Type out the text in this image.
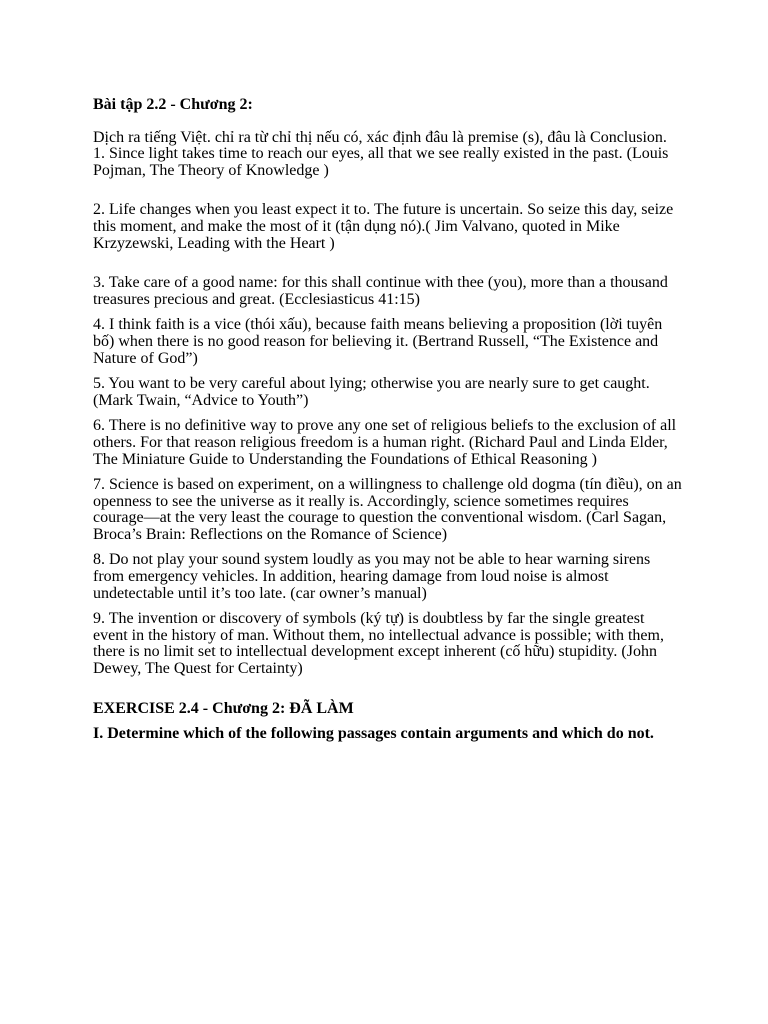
Bài tập 2.2 - Chương 2:

Dịch ra tiếng Việt. chỉ ra từ chỉ thị nếu có, xác định đâu là premise (s), đâu là Conclusion.

1. Since light takes time to reach our eyes, all that we see really existed in the past. (Louis Pojman, The Theory of Knowledge )

2. Life changes when you least expect it to. The future is uncertain. So seize this day, seize this moment, and make the most of it (tận dụng nó).( Jim Valvano, quoted in Mike Krzyzewski, Leading with the Heart )

3. Take care of a good name: for this shall continue with thee (you), more than a thousand treasures precious and great. (Ecclesiasticus 41:15)

4. I think faith is a vice (thói xấu), because faith means believing a proposition (lời tuyên bố) when there is no good reason for believing it. (Bertrand Russell, “The Existence and Nature of God”)

5. You want to be very careful about lying; otherwise you are nearly sure to get caught. (Mark Twain, “Advice to Youth”)

6. There is no definitive way to prove any one set of religious beliefs to the exclusion of all others. For that reason religious freedom is a human right. (Richard Paul and Linda Elder, The Miniature Guide to Understanding the Foundations of Ethical Reasoning )

7. Science is based on experiment, on a willingness to challenge old dogma (tín điều), on an openness to see the universe as it really is. Accordingly, science sometimes requires courage—at the very least the courage to question the conventional wisdom. (Carl Sagan, Broca’s Brain: Reflections on the Romance of Science)

8. Do not play your sound system loudly as you may not be able to hear warning sirens from emergency vehicles. In addition, hearing damage from loud noise is almost undetectable until it’s too late. (car owner’s manual)

9. The invention or discovery of symbols (ký tự) is doubtless by far the single greatest event in the history of man. Without them, no intellectual advance is possible; with them, there is no limit set to intellectual development except inherent (cố hữu) stupidity. (John Dewey, The Quest for Certainty)

EXERCISE 2.4 - Chương 2: ĐÃ LÀM

I. Determine which of the following passages contain arguments and which do not.
